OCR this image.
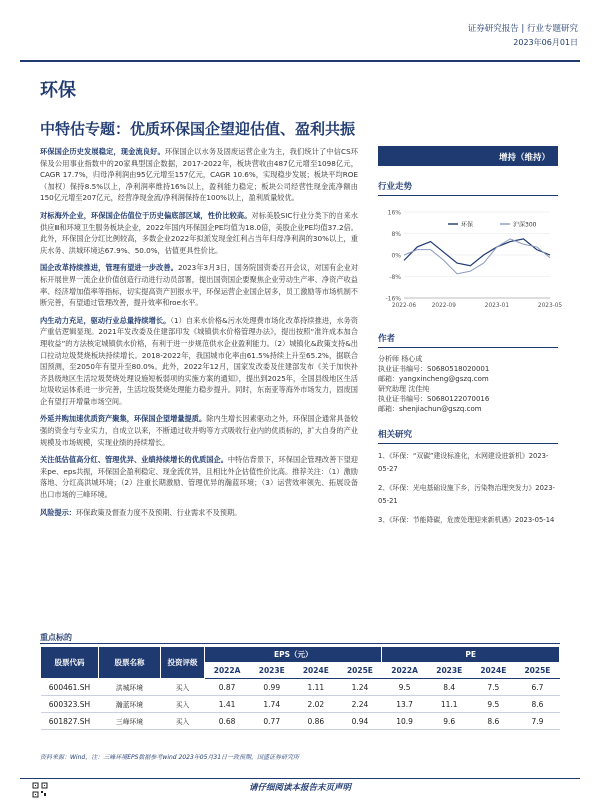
证券研究报告 | 行业专题研究
2023年06月01日
环保
中特估专题：优质环保国企望迎估值、盈利共振

环保国企历史发展稳定，现金流良好。环保国企以水务及固废运营企业为主，我们统计了中信CS环保及公用事业指数中的20家典型国企数据，2017-2022年，板块营收由487亿元增至1098亿元，CAGR 17.7%，归母净利润由95亿元增至157亿元，CAGR 10.6%，实现稳步发展；板块平均ROE（加权）保持8.5%以上，净利润率维持16%以上，盈利能力稳定；板块公司经营性现金流净额由150亿元增至207亿元，经营净现金流/净利润保持在100%以上，盈利质量较优。

对标海外企业，环保国企估值位于历史偏底部区域，性价比较高。对标美股SIC行业分类下的自来水供应Ⅲ和环境卫生服务板块企业，2022年国内环保国企PE均值为18.0倍，美股企业PE均值37.2倍。此外，环保国企分红比例较高，多数企业2022年拟派发现金红利占当年归母净利润的30%以上，重庆水务、洪城环境达67.9%、50.0%，估值更具性价比。

国企改革持续推进，管理有望进一步改善。2023年3月3日，国务院国资委召开会议，对国有企业对标开展世界一流企业价值创造行动进行动员部署，提出国资国企要聚焦企业劳动生产率、净资产收益率、经济增加值率等指标，切实提高资产回报水平，环保运营企业国企居多，员工激励等市场机制不断完善，有望通过管理改善，提升效率和roe水平。

内生动力充足，驱动行业总量持续增长。（1）自来水价格&污水处理费市场化改革持续推进，水务资产重估逻辑显现。2021年发改委及住建部印发《城镇供水价格管理办法》，提出按照“准许成本加合理收益”的方法核定城镇供水价格，有利于进一步规范供水企业盈利能力。（2）城镇化&政策支持&出口拉动垃圾焚烧板块持续增长。2018-2022年，我国城市化率由61.5%持续上升至65.2%，据联合国预测，至2050年有望升至80.0%。此外，2022年12月，国家发改委及住建部发布《关于加快补齐县级地区生活垃圾焚烧处理设施短板弱项的实施方案的通知》，提出到2025年，全国县级地区生活垃圾收运体系进一步完善，生活垃圾焚烧处理能力稳步提升。同时，东南亚等海外市场发力，固废国企有望打开增量市场空间。

外延并购加速优质资产聚集，环保国企望增量提质。除内生增长因素驱动之外，环保国企通常具备较强的资金与专业实力，自成立以来，不断通过收并购等方式吸收行业内的优质标的，扩大自身的产业规模及市场规模，实现业绩的持续增长。

关注低估值高分红、管理优异、业绩持续增长的优质国企。中特估背景下，环保国企管理改善下望迎来pe、eps共振，环保国企盈利稳定、现金流优异，且相比外企估值性价比高。推荐关注：（1）激励落地、分红高洪城环境；（2）注重长期激励、管理优异的瀚蓝环境；（3）运营效率领先、拓展设备出口市场的三峰环境。

风险提示：环保政策及督查力度不及预期、行业需求不及预期。

增持（维持）
行业走势
16%
8%
0%
-8%
-16%
2022-06	2022-09	2023-01	2023-05
环保	沪深300
作者
分析师 杨心成
执业证书编号：S0680518020001
邮箱：yangxincheng@gszq.com
研究助理 沈佳纯
执业证书编号：S0680122070016
邮箱：shenjiachun@gszq.com
相关研究
1、《环保：“双碳”建设标准化，水网建设进新机》2023-05-27
2、《环保：光电基础设施下乡，污染物治理突发力》2023-05-21
3、《环保：节能降碳，危废处理迎来新机遇》2023-05-14
重点标的
股票代码	股票名称	投资评级	EPS（元）				PE			
			2022A	2023E	2024E	2025E	2022A	2023E	2024E	2025E
600461.SH	洪城环境	买入	0.87	0.99	1.11	1.24	9.5	8.4	7.5	6.7
600323.SH	瀚蓝环境	买入	1.41	1.74	2.02	2.24	13.7	11.1	9.5	8.6
601827.SH	三峰环境	买入	0.68	0.77	0.86	0.94	10.9	9.6	8.6	7.9
资料来源：Wind，注：三峰环境EPS数据参考wind 2023年05月31日一致预期，国盛证券研究所
请仔细阅读本报告末页声明
